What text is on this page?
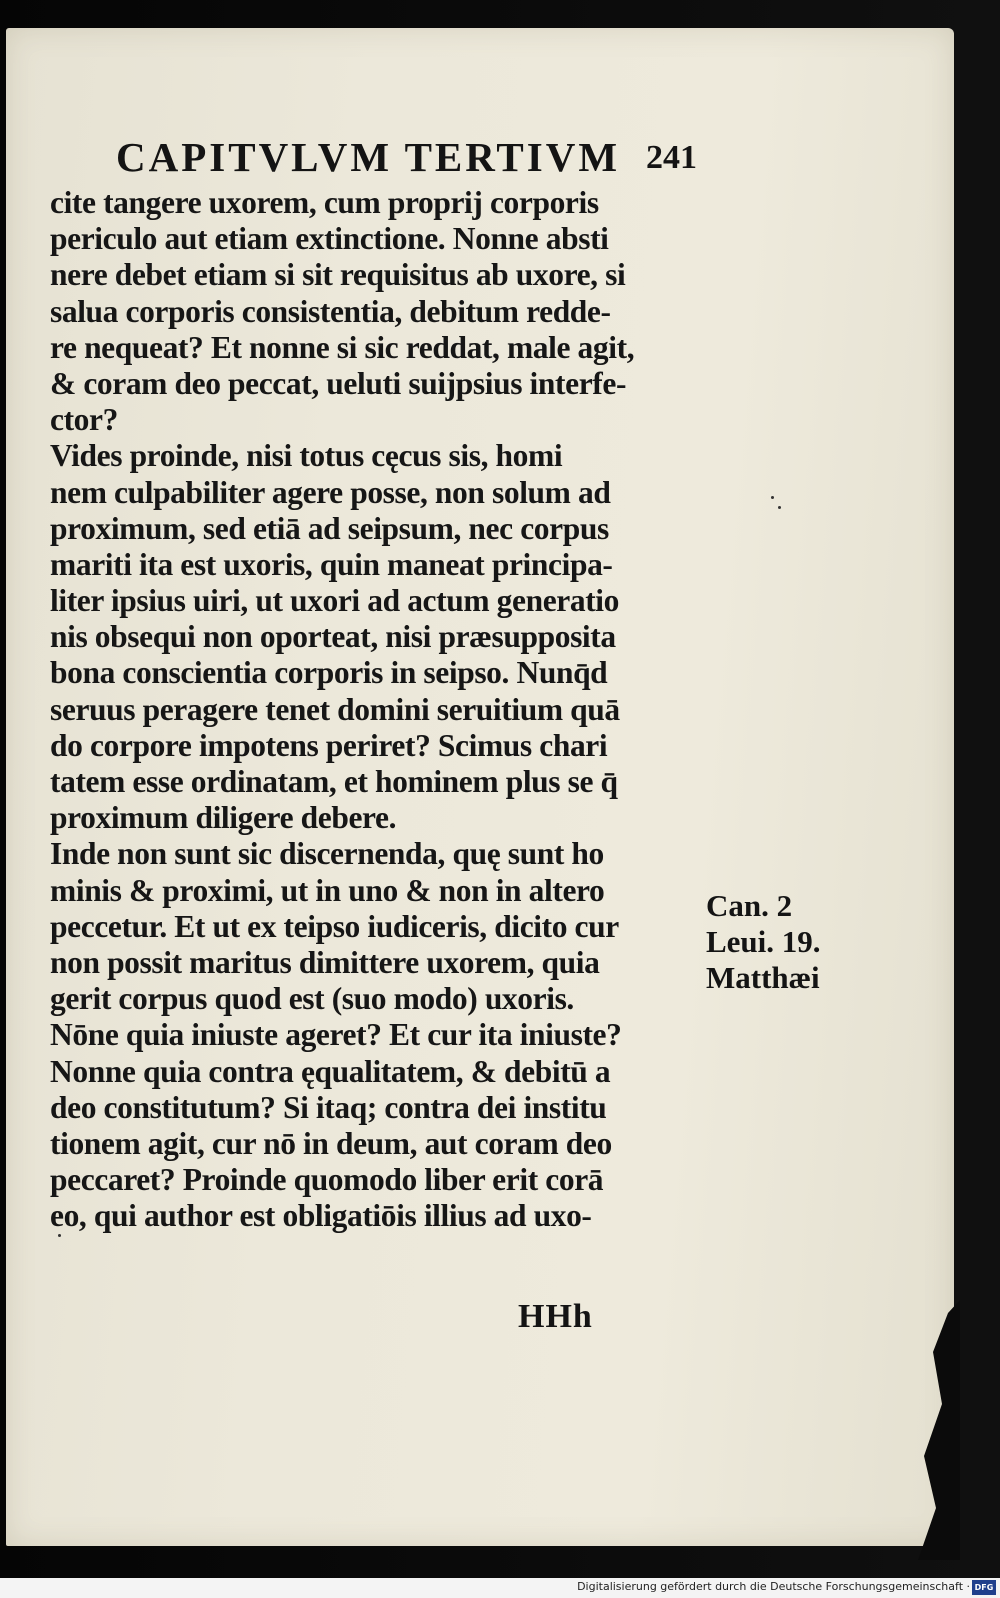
CAPITVLVM TERTIVM 241
cite tangere uxorem, cum proprij corporis
periculo aut etiam extinctione. Nonne absti
nere debet etiam si sit requisitus ab uxore, si
salua corporis consistentia, debitum redde-
re nequeat? Et nonne si sic reddat, male agit,
& coram deo peccat, ueluti suijpsius interfe-
ctor?
Vides proinde, nisi totus cęcus sis, homi
nem culpabiliter agere posse, non solum ad
proximum, sed etiā ad seipsum, nec corpus
mariti ita est uxoris, quin maneat principa-
liter ipsius uiri, ut uxori ad actum generatio
nis obsequi non oporteat, nisi præsupposita
bona conscientia corporis in seipso. Nunq̄d
seruus peragere tenet domini seruitium quā
do corpore impotens periret? Scimus chari
tatem esse ordinatam, et hominem plus se q̄
proximum diligere debere.
Inde non sunt sic discernenda, quę sunt ho
minis & proximi, ut in uno & non in altero
peccetur. Et ut ex teipso iudiceris, dicito cur
non possit maritus dimittere uxorem, quia
gerit corpus quod est (suo modo) uxoris.
Nōne quia iniuste ageret? Et cur ita iniuste?
Nonne quia contra ęqualitatem, & debitū a
deo constitutum? Si itaq; contra dei institu
tionem agit, cur nō in deum, aut coram deo
peccaret? Proinde quomodo liber erit corā
eo, qui author est obligatiōis illius ad uxo-
Can. 2
Leui. 19.
Matthæi
HHh
Digitalisierung gefördert durch die Deutsche Forschungsgemeinschaft · DFG
